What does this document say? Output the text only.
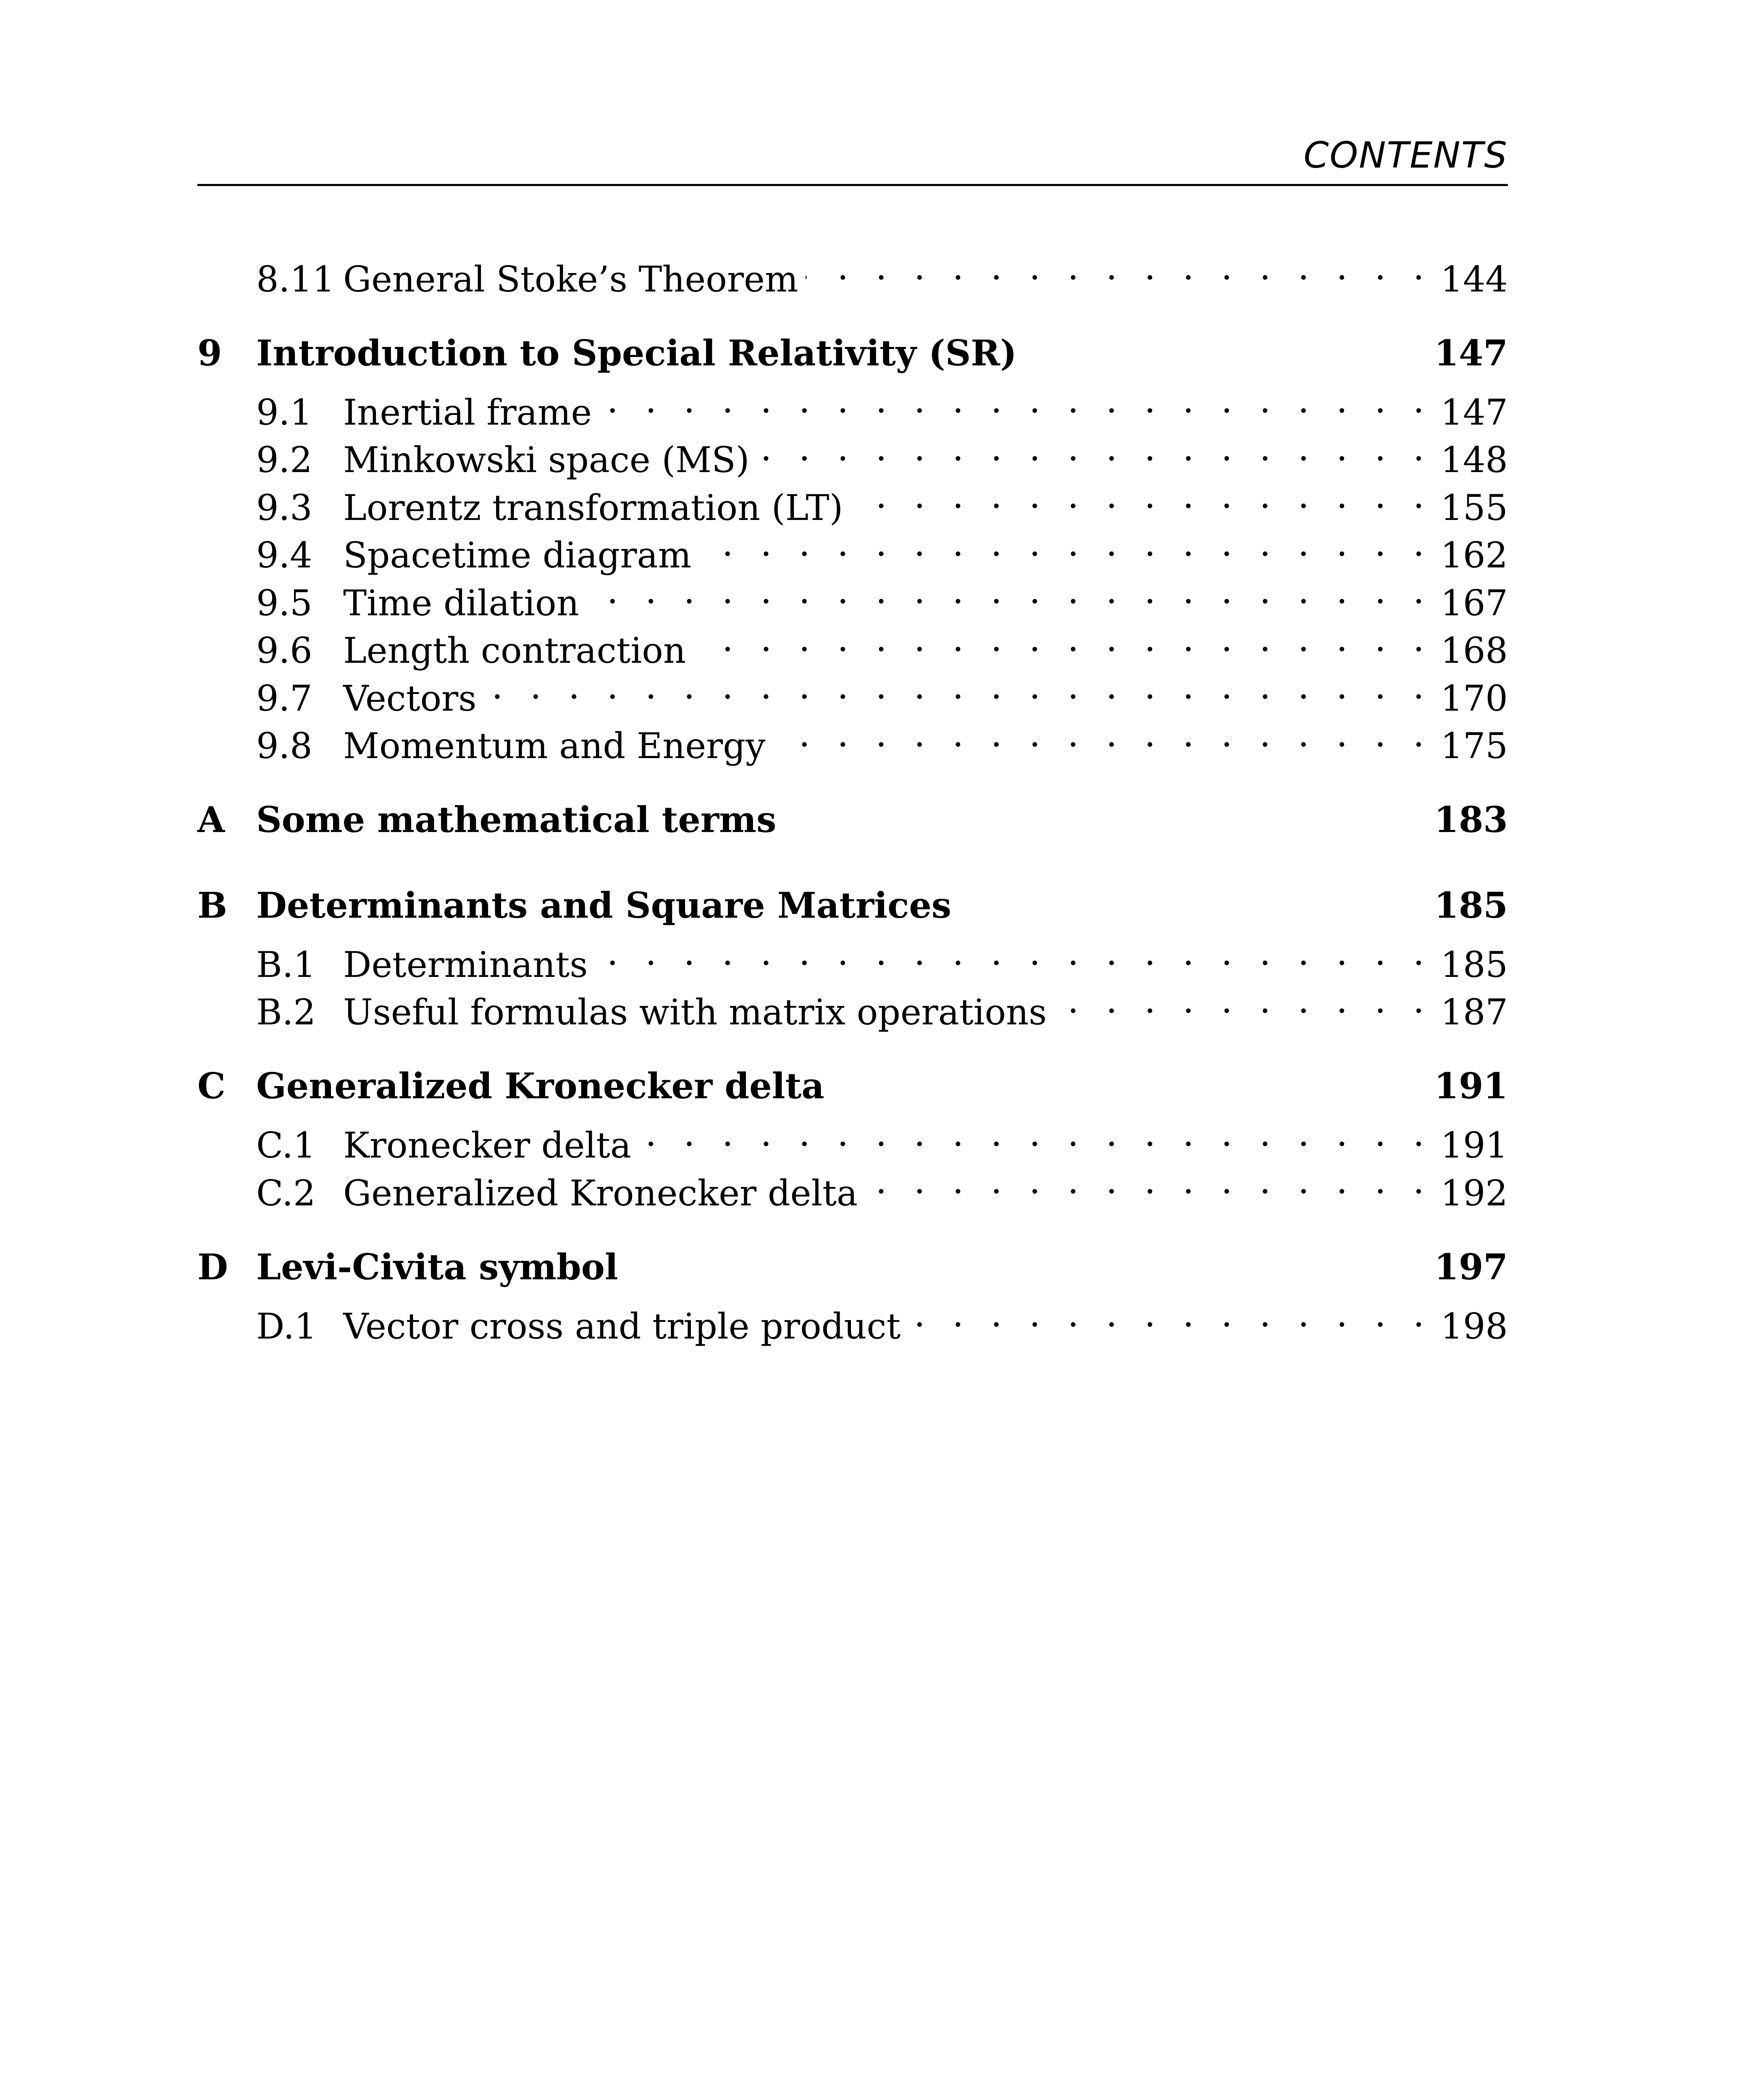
CONTENTS
8.11 General Stoke’s Theorem . . .	144
9 Introduction to Special Relativity (SR)	147
9.1 Inertial frame . . .	147
9.2 Minkowski space (MS) . . .	148
9.3 Lorentz transformation (LT) . . .	155
9.4 Spacetime diagram . . .	162
9.5 Time dilation . . .	167
9.6 Length contraction . . .	168
9.7 Vectors . . .	170
9.8 Momentum and Energy . . .	175
A Some mathematical terms	183
B Determinants and Square Matrices	185
B.1 Determinants . . .	185
B.2 Useful formulas with matrix operations . . .	187
C Generalized Kronecker delta	191
C.1 Kronecker delta . . .	191
C.2 Generalized Kronecker delta . . .	192
D Levi-Civita symbol	197
D.1 Vector cross and triple product . . .	198
